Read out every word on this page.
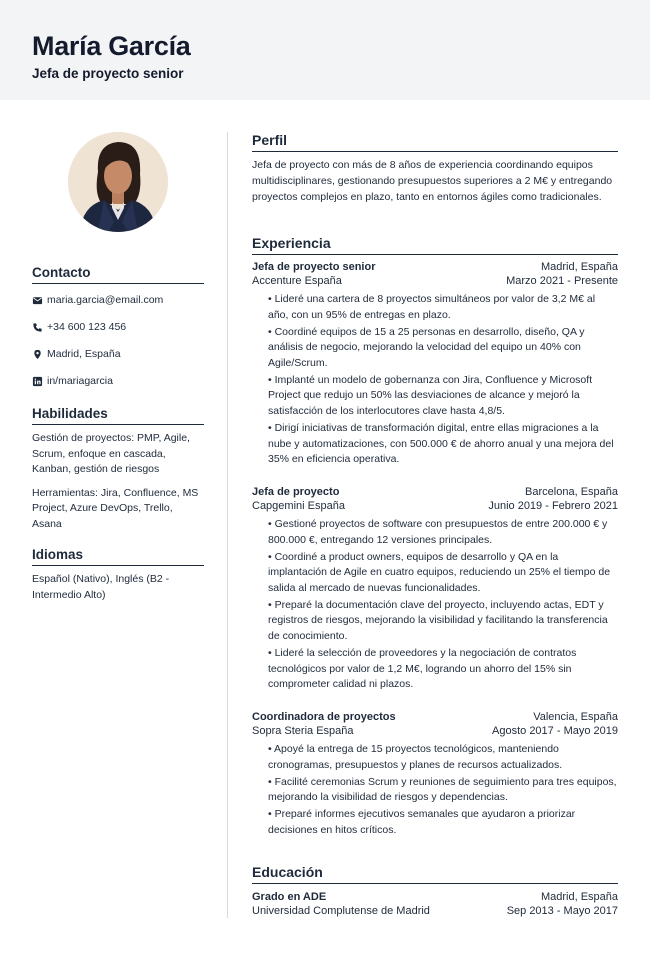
María García
Jefa de proyecto senior
Contacto
maria.garcia@email.com
+34 600 123 456
Madrid, España
in/mariagarcia
Habilidades
Gestión de proyectos: PMP, Agile, Scrum, enfoque en cascada, Kanban, gestión de riesgos
Herramientas: Jira, Confluence, MS Project, Azure DevOps, Trello, Asana
Idiomas
Español (Nativo), Inglés (B2 - Intermedio Alto)
Perfil
Jefa de proyecto con más de 8 años de experiencia coordinando equipos multidisciplinares, gestionando presupuestos superiores a 2 M€ y entregando proyectos complejos en plazo, tanto en entornos ágiles como tradicionales.
Experiencia
Jefa de proyecto senior	Madrid, España
Accenture España	Marzo 2021 - Presente
• Lideré una cartera de 8 proyectos simultáneos por valor de 3,2 M€ al año, con un 95% de entregas en plazo.
• Coordiné equipos de 15 a 25 personas en desarrollo, diseño, QA y análisis de negocio, mejorando la velocidad del equipo un 40% con Agile/Scrum.
• Implanté un modelo de gobernanza con Jira, Confluence y Microsoft Project que redujo un 50% las desviaciones de alcance y mejoró la satisfacción de los interlocutores clave hasta 4,8/5.
• Dirigí iniciativas de transformación digital, entre ellas migraciones a la nube y automatizaciones, con 500.000 € de ahorro anual y una mejora del 35% en eficiencia operativa.
Jefa de proyecto	Barcelona, España
Capgemini España	Junio 2019 - Febrero 2021
• Gestioné proyectos de software con presupuestos de entre 200.000 € y 800.000 €, entregando 12 versiones principales.
• Coordiné a product owners, equipos de desarrollo y QA en la implantación de Agile en cuatro equipos, reduciendo un 25% el tiempo de salida al mercado de nuevas funcionalidades.
• Preparé la documentación clave del proyecto, incluyendo actas, EDT y registros de riesgos, mejorando la visibilidad y facilitando la transferencia de conocimiento.
• Lideré la selección de proveedores y la negociación de contratos tecnológicos por valor de 1,2 M€, logrando un ahorro del 15% sin comprometer calidad ni plazos.
Coordinadora de proyectos	Valencia, España
Sopra Steria España	Agosto 2017 - Mayo 2019
• Apoyé la entrega de 15 proyectos tecnológicos, manteniendo cronogramas, presupuestos y planes de recursos actualizados.
• Facilité ceremonias Scrum y reuniones de seguimiento para tres equipos, mejorando la visibilidad de riesgos y dependencias.
• Preparé informes ejecutivos semanales que ayudaron a priorizar decisiones en hitos críticos.
Educación
Grado en ADE	Madrid, España
Universidad Complutense de Madrid	Sep 2013 - Mayo 2017
